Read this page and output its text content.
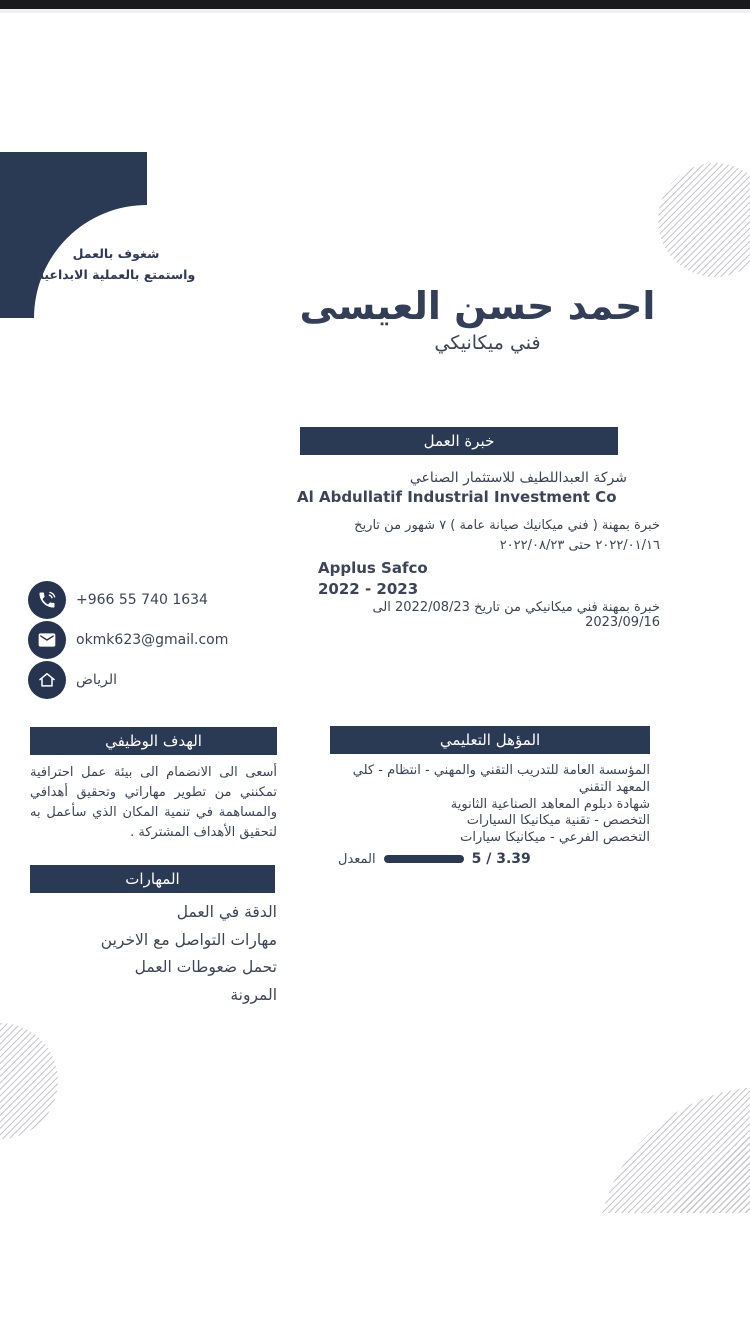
شغوف بالعمل
واستمتع بالعملية الابداعية
احمد حسن العيسى
فني ميكانيكي
خبرة العمل
شركة العبداللطيف للاستثمار الصناعي
Al Abdullatif Industrial Investment Co
خبرة بمهنة ( فني ميكانيك صيانة عامة ) ٧ شهور من تاريخ ٢٠٢٢/٠١/١٦ حتى ٢٠٢٢/٠٨/٢٣
Applus Safco
2022 - 2023
خبرة بمهنة فني ميكانيكي من تاريخ 2022/08/23 الى 2023/09/16
+966 55 740 1634
okmk623@gmail.com
الرياض
الهدف الوظيفي
أسعى الى الانضمام الى بيئة عمل احترافية تمكنني من تطوير مهاراتي وتحقيق أهدافي والمساهمة في تنمية المكان الذي سأعمل به لتحقيق الأهداف المشتركة .
المؤهل التعليمي
المؤسسة العامة للتدريب التقني والمهني - انتظام - كلي
المعهد التقني
شهادة دبلوم المعاهد الصناعية الثانوية
التخصص - تقنية ميكانيكا السيارات
التخصص الفرعي - ميكانيكا سيارات
المعدل	5 / 3.39
المهارات
الدقة في العمل
مهارات التواصل مع الاخرين
تحمل ضعوطات العمل
المرونة
